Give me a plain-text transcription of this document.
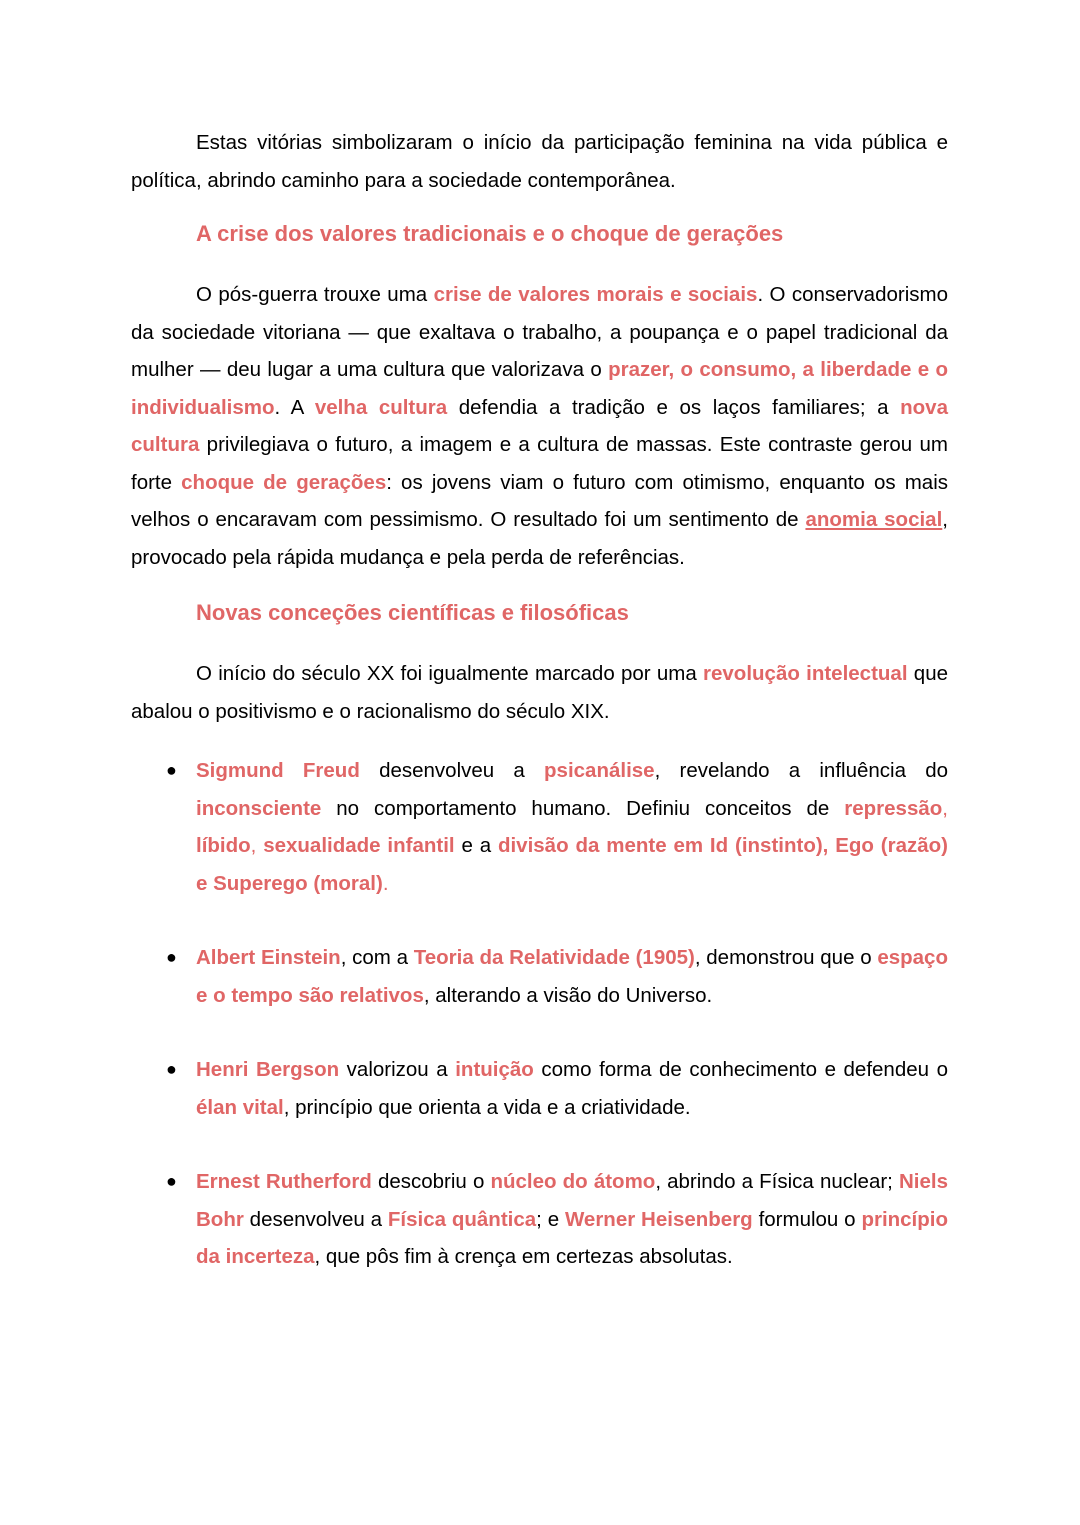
Estas vitórias simbolizaram o início da participação feminina na vida pública e política, abrindo caminho para a sociedade contemporânea.

A crise dos valores tradicionais e o choque de gerações

O pós-guerra trouxe uma crise de valores morais e sociais. O conservadorismo da sociedade vitoriana — que exaltava o trabalho, a poupança e o papel tradicional da mulher — deu lugar a uma cultura que valorizava o prazer, o consumo, a liberdade e o individualismo. A velha cultura defendia a tradição e os laços familiares; a nova cultura privilegiava o futuro, a imagem e a cultura de massas. Este contraste gerou um forte choque de gerações: os jovens viam o futuro com otimismo, enquanto os mais velhos o encaravam com pessimismo. O resultado foi um sentimento de anomia social, provocado pela rápida mudança e pela perda de referências.

Novas conceções científicas e filosóficas

O início do século XX foi igualmente marcado por uma revolução intelectual que abalou o positivismo e o racionalismo do século XIX.

● Sigmund Freud desenvolveu a psicanálise, revelando a influência do inconsciente no comportamento humano. Definiu conceitos de repressão, líbido, sexualidade infantil e a divisão da mente em Id (instinto), Ego (razão) e Superego (moral).
● Albert Einstein, com a Teoria da Relatividade (1905), demonstrou que o espaço e o tempo são relativos, alterando a visão do Universo.
● Henri Bergson valorizou a intuição como forma de conhecimento e defendeu o élan vital, princípio que orienta a vida e a criatividade.
● Ernest Rutherford descobriu o núcleo do átomo, abrindo a Física nuclear; Niels Bohr desenvolveu a Física quântica; e Werner Heisenberg formulou o princípio da incerteza, que pôs fim à crença em certezas absolutas.
